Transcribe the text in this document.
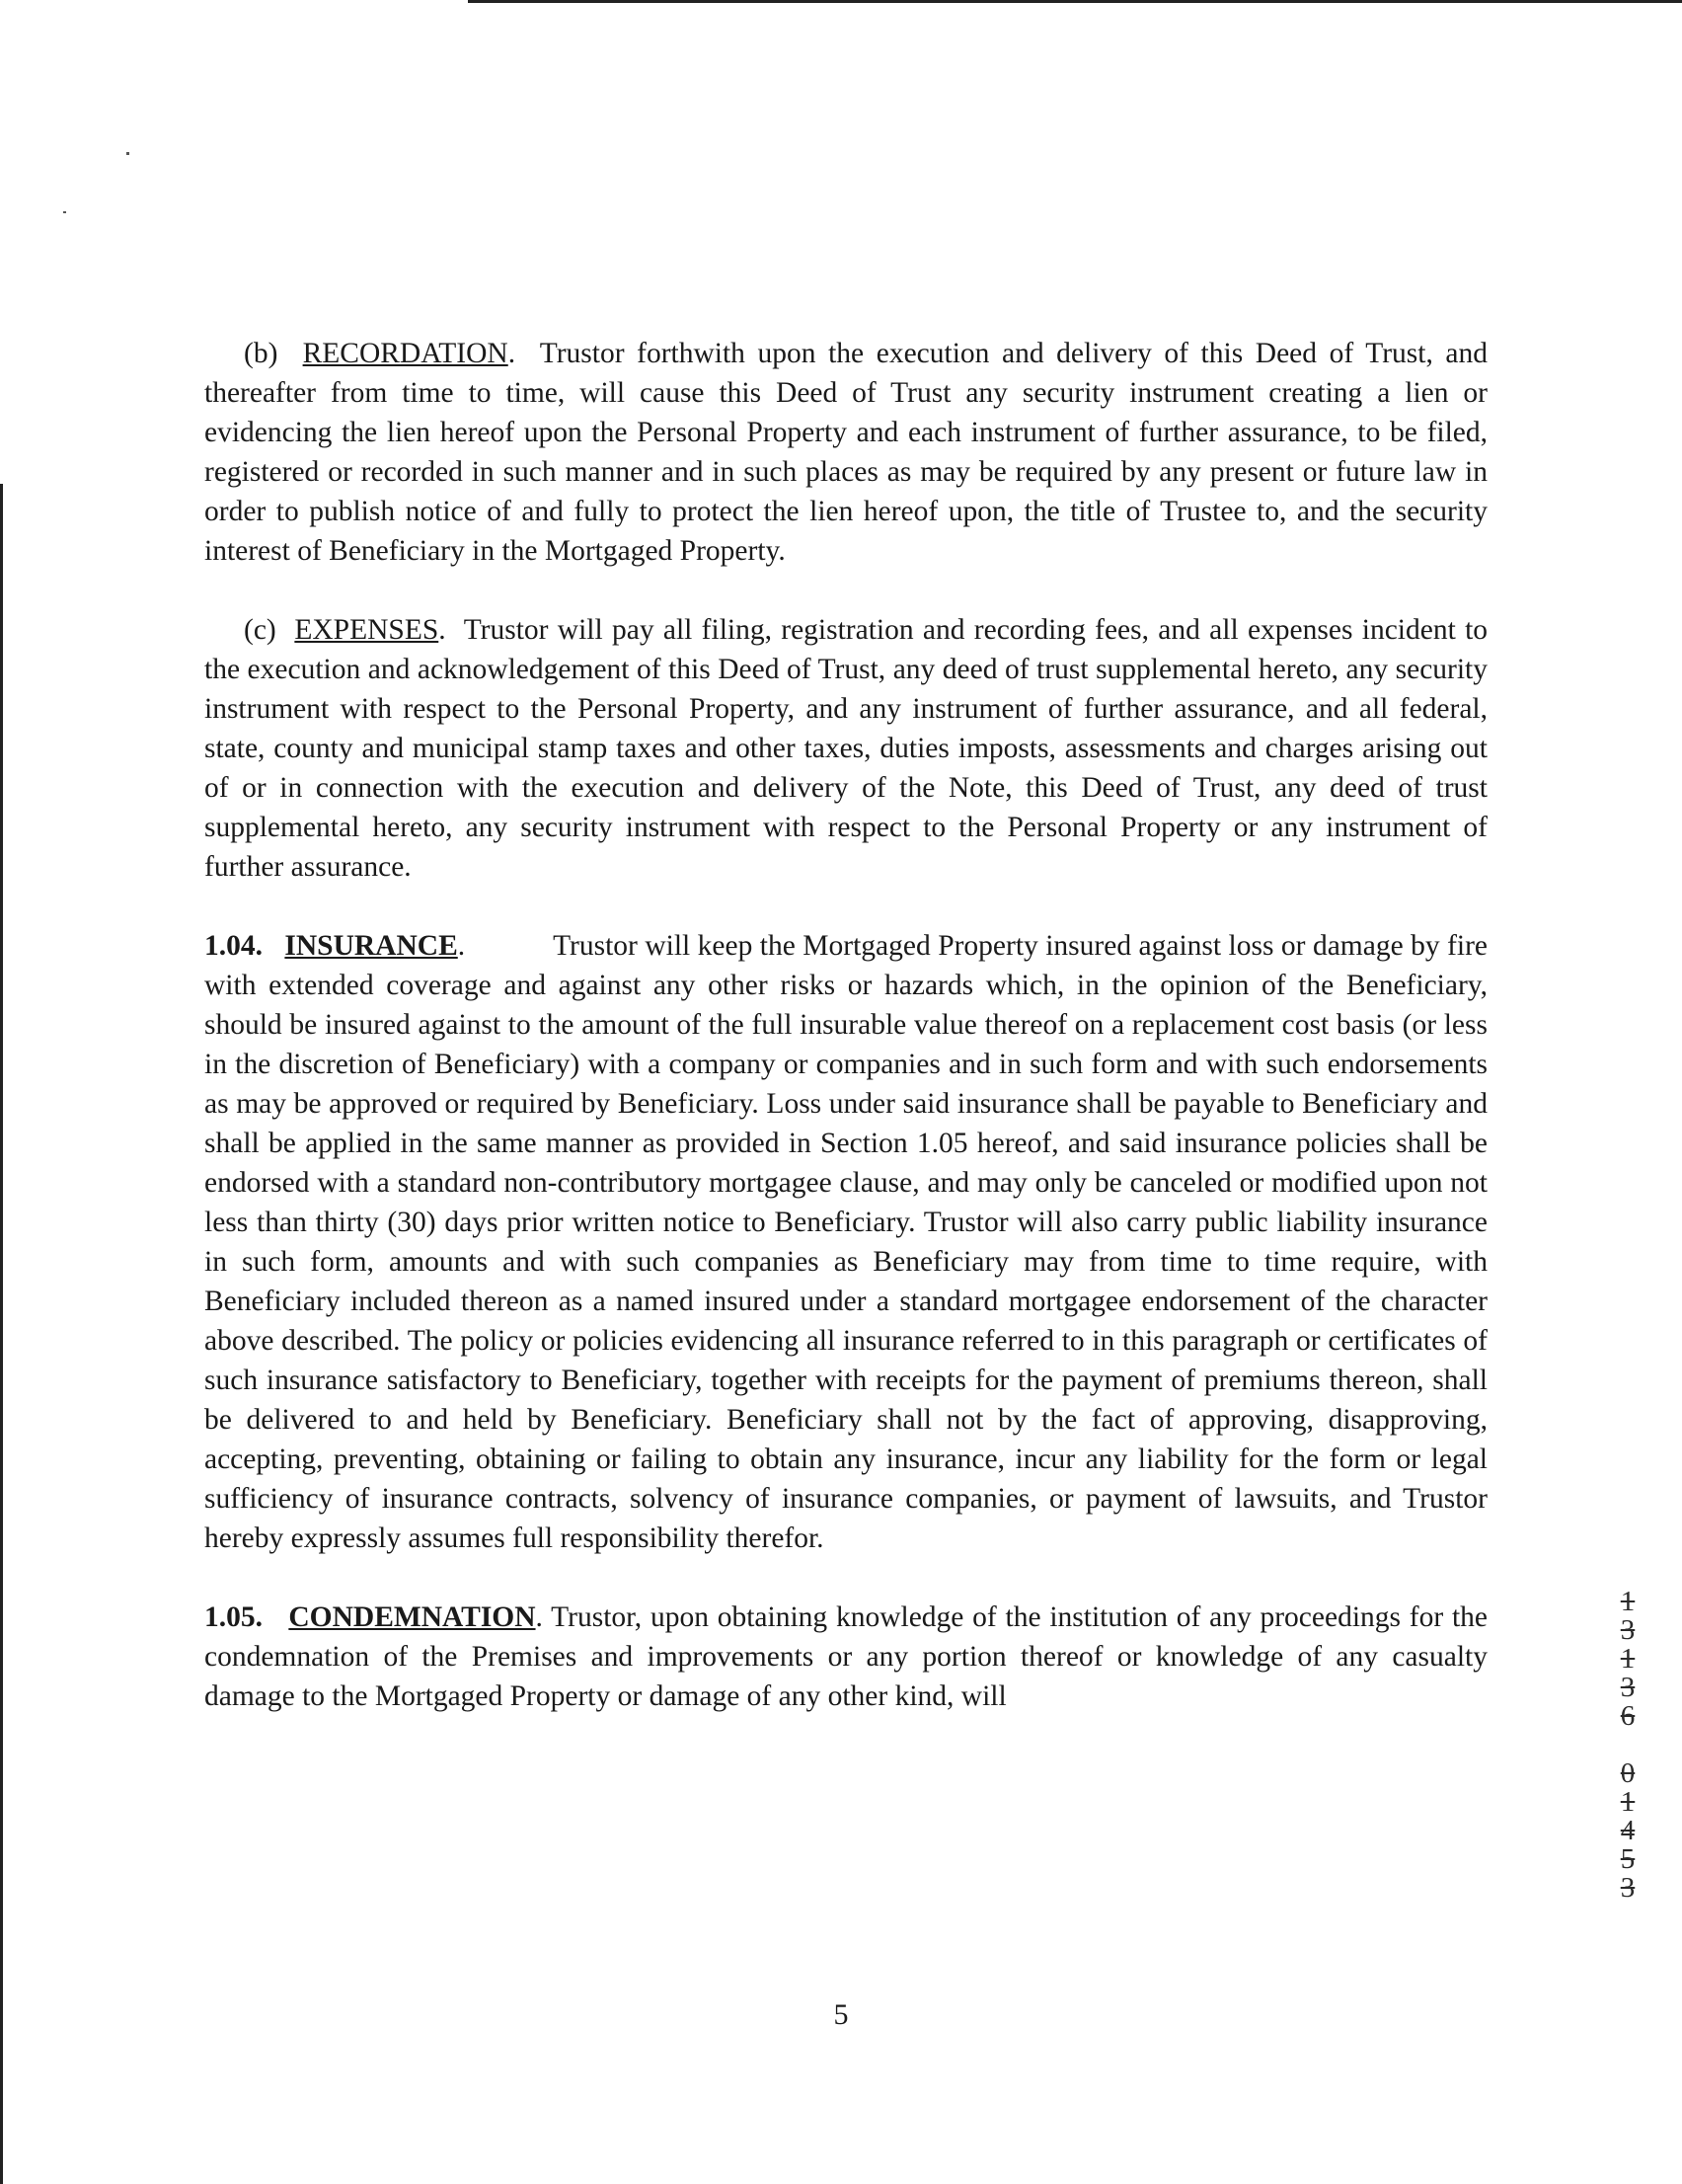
(b) RECORDATION. Trustor forthwith upon the execution and delivery of this Deed of Trust, and thereafter from time to time, will cause this Deed of Trust any security instrument creating a lien or evidencing the lien hereof upon the Personal Property and each instrument of further assurance, to be filed, registered or recorded in such manner and in such places as may be required by any present or future law in order to publish notice of and fully to protect the lien hereof upon, the title of Trustee to, and the security interest of Beneficiary in the Mortgaged Property.

(c) EXPENSES. Trustor will pay all filing, registration and recording fees, and all expenses incident to the execution and acknowledgement of this Deed of Trust, any deed of trust supplemental hereto, any security instrument with respect to the Personal Property, and any instrument of further assurance, and all federal, state, county and municipal stamp taxes and other taxes, duties imposts, assessments and charges arising out of or in connection with the execution and delivery of the Note, this Deed of Trust, any deed of trust supplemental hereto, any security instrument with respect to the Personal Property or any instrument of further assurance.

1.04. INSURANCE.	Trustor will keep the Mortgaged Property insured against loss or damage by fire with extended coverage and against any other risks or hazards which, in the opinion of the Beneficiary, should be insured against to the amount of the full insurable value thereof on a replacement cost basis (or less in the discretion of Beneficiary) with a company or companies and in such form and with such endorsements as may be approved or required by Beneficiary. Loss under said insurance shall be payable to Beneficiary and shall be applied in the same manner as provided in Section 1.05 hereof, and said insurance policies shall be endorsed with a standard non-contributory mortgagee clause, and may only be canceled or modified upon not less than thirty (30) days prior written notice to Beneficiary. Trustor will also carry public liability insurance in such form, amounts and with such companies as Beneficiary may from time to time require, with Beneficiary included thereon as a named insured under a standard mortgagee endorsement of the character above described. The policy or policies evidencing all insurance referred to in this paragraph or certificates of such insurance satisfactory to Beneficiary, together with receipts for the payment of premiums thereon, shall be delivered to and held by Beneficiary. Beneficiary shall not by the fact of approving, disapproving, accepting, preventing, obtaining or failing to obtain any insurance, incur any liability for the form or legal sufficiency of insurance contracts, solvency of insurance companies, or payment of lawsuits, and Trustor hereby expressly assumes full responsibility therefor.

1.05. CONDEMNATION. Trustor, upon obtaining knowledge of the institution of any proceedings for the condemnation of the Premises and improvements or any portion thereof or knowledge of any casualty damage to the Mortgaged Property or damage of any other kind, will

5
1
3
1
3
6
0
1
4
5
3
